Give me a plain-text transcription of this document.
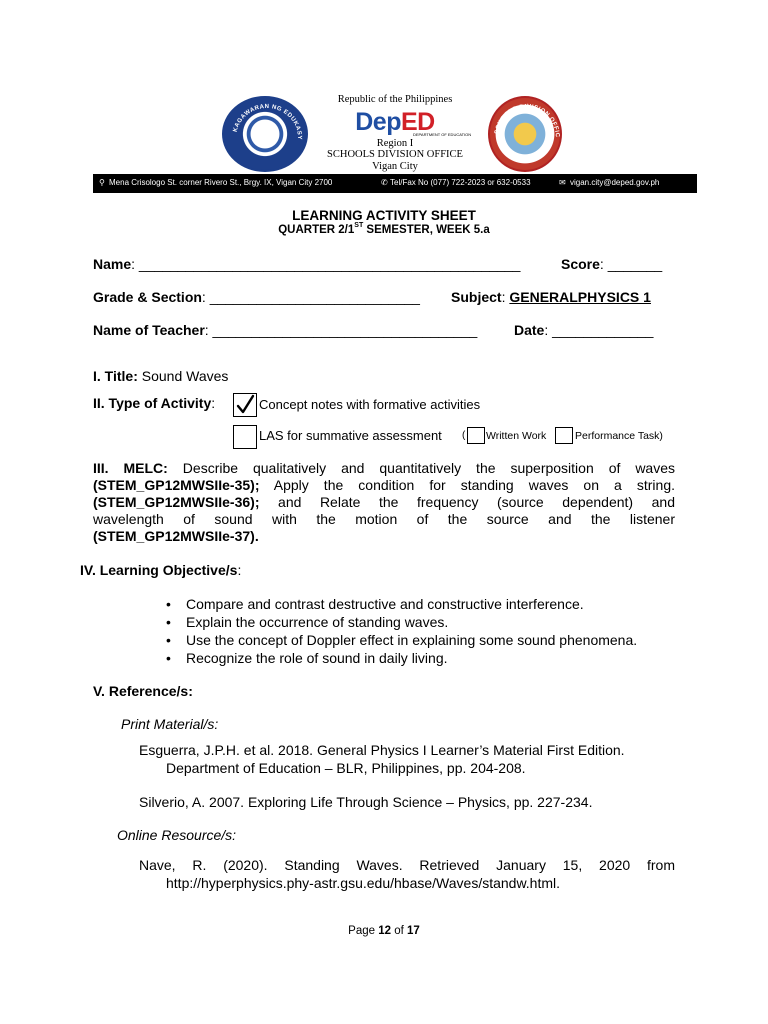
KAGAWARAN NG EDUKASY
Republic of the Philippines
DepED
DEPARTMENT OF EDUCATION
Region I
SCHOOLS DIVISION OFFICE
Vigan City
SCHOOLS DIVISION OFFIC
⚲ Mena Crisologo St. corner Rivero St., Brgy. IX, Vigan City 2700	✆ Tel/Fax No (077) 722-2023 or 632-0533	✉ vigan.city@deped.gov.ph
LEARNING ACTIVITY SHEET
QUARTER 2/1ST SEMESTER, WEEK 5.a
Name: _________________________________________________	Score: _______
Grade & Section: ___________________________ Subject: GENERALPHYSICS 1
Name of Teacher: __________________________________	Date: _____________
I. Title: Sound Waves
II. Type of Activity:	Concept notes with formative activities
LAS for summative assessment ( Written Work	Performance Task)
III. MELC: Describe qualitatively and quantitatively the superposition of waves
(STEM_GP12MWSIIe-35); Apply the condition for standing waves on a string.
(STEM_GP12MWSIIe-36); and Relate the frequency (source dependent) and
wavelength of sound with the motion of the source and the listener
(STEM_GP12MWSIIe-37).
IV. Learning Objective/s:
• Compare and contrast destructive and constructive interference.
• Explain the occurrence of standing waves.
• Use the concept of Doppler effect in explaining some sound phenomena.
• Recognize the role of sound in daily living.
V. Reference/s:
Print Material/s:
Esguerra, J.P.H. et al. 2018. General Physics I Learner’s Material First Edition.
Department of Education – BLR, Philippines, pp. 204-208.
Silverio, A. 2007. Exploring Life Through Science – Physics, pp. 227-234.
Online Resource/s:
Nave, R. (2020). Standing Waves. Retrieved January 15, 2020 from
http://hyperphysics.phy-astr.gsu.edu/hbase/Waves/standw.html.
Page 12 of 17
